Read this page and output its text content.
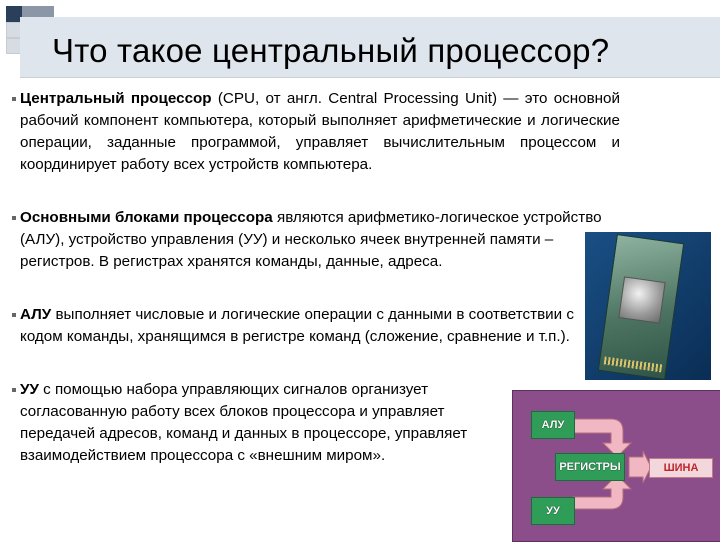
Что такое центральный процессор?

Центральный процессор (CPU, от англ. Central Processing Unit) — это основной рабочий компонент компьютера, который выполняет арифметические и логические операции, заданные программой, управляет вычислительным процессом и координирует работу всех устройств компьютера.

Основными блоками процессора являются арифметико-логическое устройство (АЛУ), устройство управления (УУ) и несколько ячеек внутренней памяти – регистров. В регистрах хранятся команды, данные, адреса.

АЛУ выполняет числовые и логические операции с данными в соответствии с кодом команды, хранящимся в регистре команд (сложение, сравнение и т.п.).

УУ с помощью набора управляющих сигналов организует согласованную работу всех блоков процессора и управляет передачей адресов, команд и данных в процессоре, управляет взаимодействием процессора с «внешним миром».

АЛУ
РЕГИСТРЫ
УУ
ШИНА
